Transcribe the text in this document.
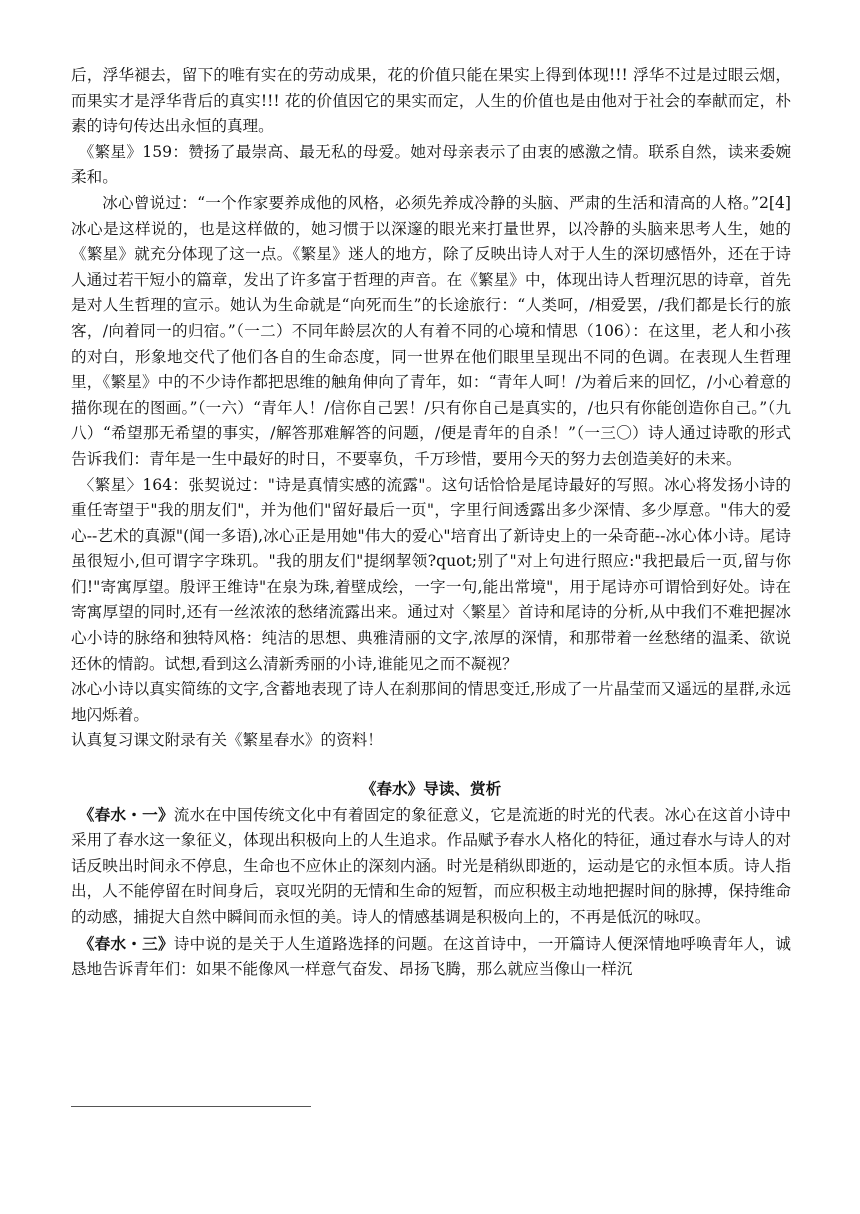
后，浮华褪去，留下的唯有实在的劳动成果，花的价值只能在果实上得到体现!!! 浮华不过是过眼云烟，而果实才是浮华背后的真实!!! 花的价值因它的果实而定，人生的价值也是由他对于社会的奉献而定，朴素的诗句传达出永恒的真理。

《繁星》159：赞扬了最崇高、最无私的母爱。她对母亲表示了由衷的感激之情。联系自然，读来委婉柔和。

冰心曾说过：“一个作家要养成他的风格，必须先养成冷静的头脑、严肃的生活和清高的人格。”2[4]冰心是这样说的，也是这样做的，她习惯于以深邃的眼光来打量世界，以冷静的头脑来思考人生，她的《繁星》就充分体现了这一点。《繁星》迷人的地方，除了反映出诗人对于人生的深切感悟外，还在于诗人通过若干短小的篇章，发出了许多富于哲理的声音。在《繁星》中，体现出诗人哲理沉思的诗章，首先是对人生哲理的宣示。她认为生命就是“向死而生”的长途旅行：“人类呵，/相爱罢，/我们都是长行的旅客，/向着同一的归宿。”（一二）不同年龄层次的人有着不同的心境和情思（106）：在这里，老人和小孩的对白，形象地交代了他们各自的生命态度，同一世界在他们眼里呈现出不同的色调。在表现人生哲理里，《繁星》中的不少诗作都把思维的触角伸向了青年，如：“青年人呵！/为着后来的回忆，/小心着意的描你现在的图画。”（一六）“青年人！/信你自己罢！/只有你自己是真实的，/也只有你能创造你自己。”（九八）“希望那无希望的事实，/解答那难解答的问题，/便是青年的自杀！”（一三〇）诗人通过诗歌的形式告诉我们：青年是一生中最好的时日，不要辜负，千万珍惜，要用今天的努力去创造美好的未来。

〈繁星〉164：张契说过："诗是真情实感的流露"。这句话恰恰是尾诗最好的写照。冰心将发扬小诗的重任寄望于"我的朋友们"，并为他们"留好最后一页"，字里行间透露出多少深情、多少厚意。"伟大的爱心--艺术的真源"(闻一多语),冰心正是用她"伟大的爱心"培育出了新诗史上的一朵奇葩--冰心体小诗。尾诗虽很短小,但可谓字字珠玑。"我的朋友们"提纲挈领?quot;别了"对上句进行照应:"我把最后一页,留与你们!"寄寓厚望。殷评王维诗"在泉为珠,着壁成绘，一字一句,能出常境"，用于尾诗亦可谓恰到好处。诗在寄寓厚望的同时,还有一丝浓浓的愁绪流露出来。通过对〈繁星〉首诗和尾诗的分析,从中我们不难把握冰心小诗的脉络和独特风格：纯洁的思想、典雅清丽的文字,浓厚的深情，和那带着一丝愁绪的温柔、欲说还休的情韵。试想,看到这么清新秀丽的小诗,谁能见之而不凝视？

冰心小诗以真实简练的文字,含蓄地表现了诗人在刹那间的情思变迁,形成了一片晶莹而又遥远的星群,永远地闪烁着。

认真复习课文附录有关《繁星春水》的资料！

《春水》导读、赏析

《春水・一》流水在中国传统文化中有着固定的象征意义，它是流逝的时光的代表。冰心在这首小诗中采用了春水这一象征义，体现出积极向上的人生追求。作品赋予春水人格化的特征，通过春水与诗人的对话反映出时间永不停息，生命也不应休止的深刻内涵。时光是稍纵即逝的，运动是它的永恒本质。诗人指出，人不能停留在时间身后，哀叹光阴的无情和生命的短暂，而应积极主动地把握时间的脉搏，保持维命的动感，捕捉大自然中瞬间而永恒的美。诗人的情感基调是积极向上的，不再是低沉的咏叹。

《春水・三》诗中说的是关于人生道路选择的问题。在这首诗中，一开篇诗人便深情地呼唤青年人，诚恳地告诉青年们：如果不能像风一样意气奋发、昂扬飞腾，那么就应当像山一样沉
